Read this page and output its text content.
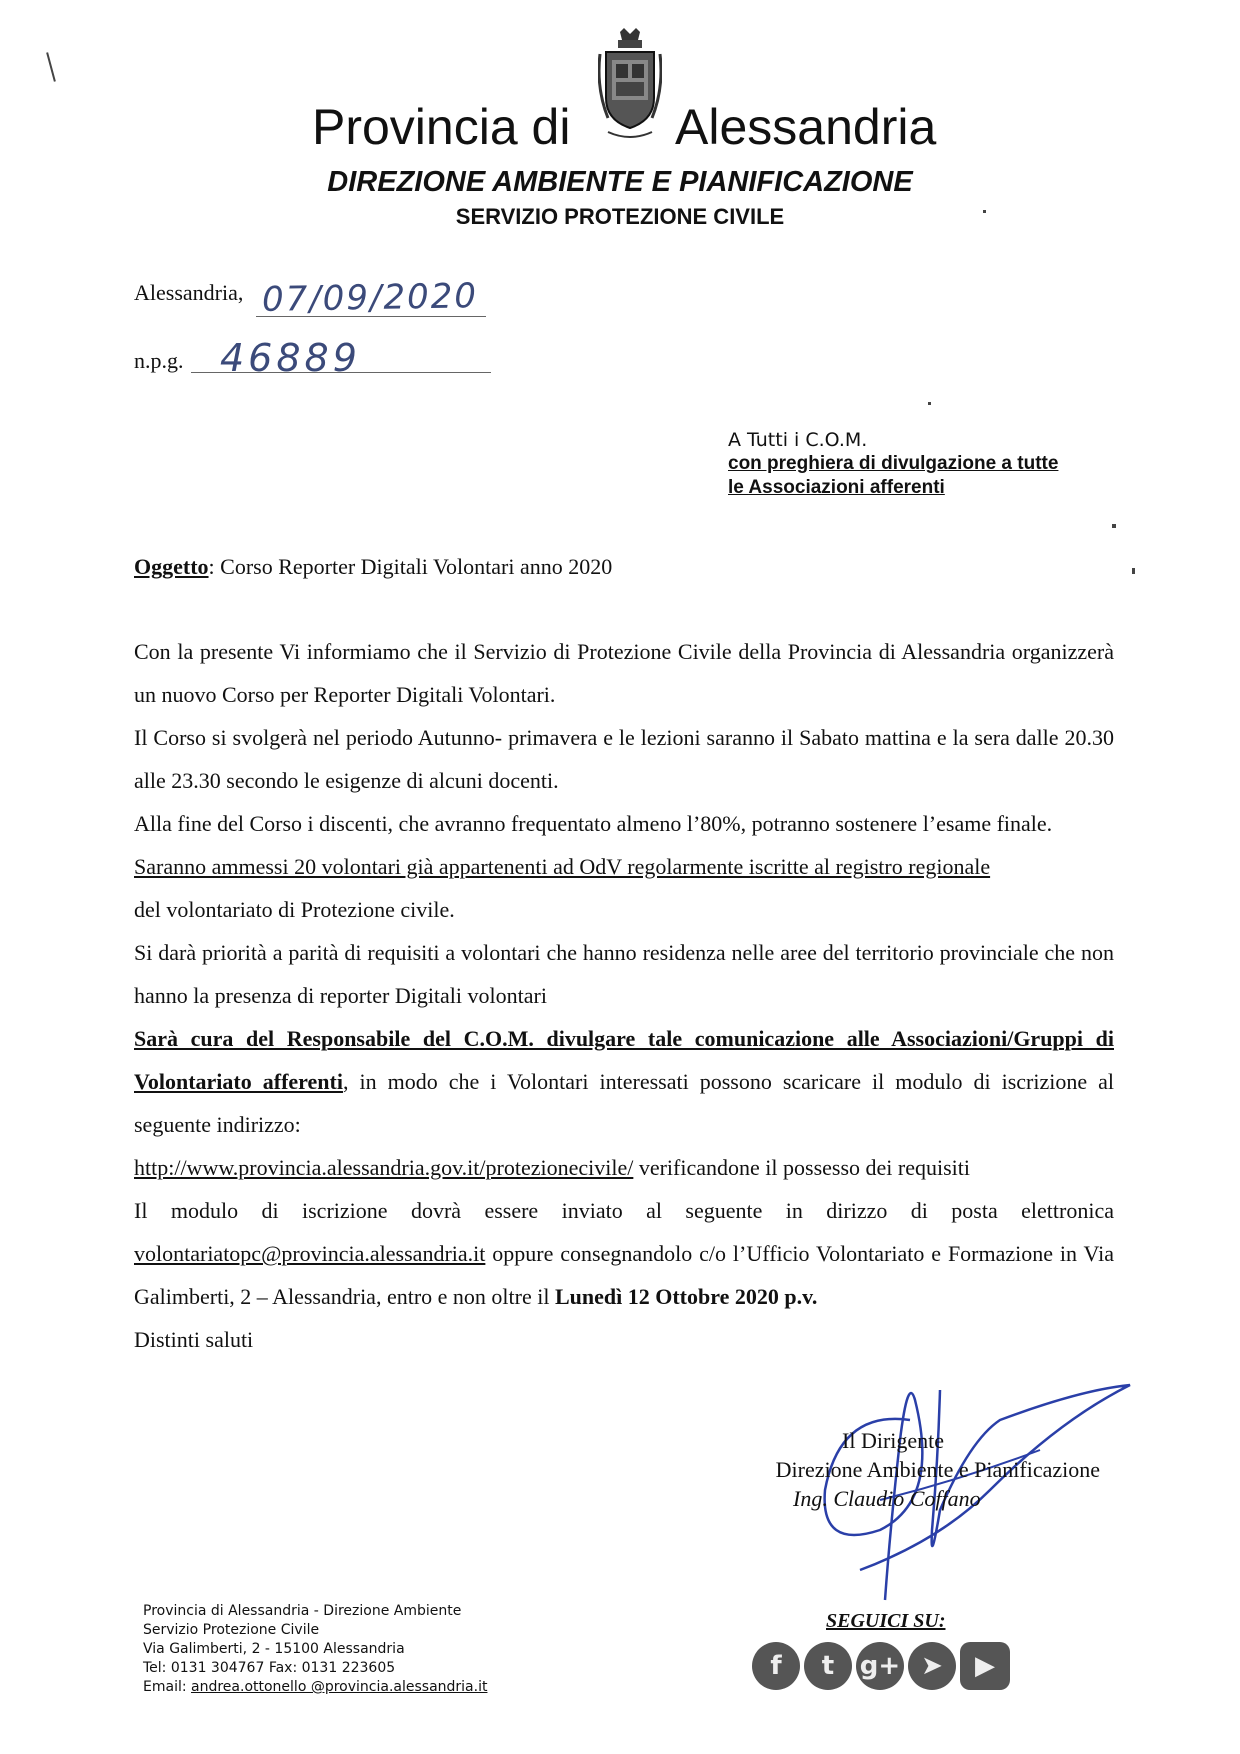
Provincia di Alessandria
DIREZIONE AMBIENTE E PIANIFICAZIONE
SERVIZIO PROTEZIONE CIVILE
Alessandria, 07/09/2020
n.p.g. 46889
A Tutti i C.O.M.
con preghiera di divulgazione a tutte
le Associazioni afferenti
Oggetto: Corso Reporter Digitali Volontari anno 2020

Con la presente Vi informiamo che il Servizio di Protezione Civile della Provincia di Alessandria organizzerà un nuovo Corso per Reporter Digitali Volontari.

Il Corso si svolgerà nel periodo Autunno- primavera e le lezioni saranno il Sabato mattina e la sera dalle 20.30 alle 23.30 secondo le esigenze di alcuni docenti.

Alla fine del Corso i discenti, che avranno frequentato almeno l’80%, potranno sostenere l’esame finale.

Saranno ammessi 20 volontari già appartenenti ad OdV regolarmente iscritte al registro regionale
del volontariato di Protezione civile.

Si darà priorità a parità di requisiti a volontari che hanno residenza nelle aree del territorio provinciale che non hanno la presenza di reporter Digitali volontari

Sarà cura del Responsabile del C.O.M. divulgare tale comunicazione alle Associazioni/Gruppi di Volontariato afferenti, in modo che i Volontari interessati possono scaricare il modulo di iscrizione al seguente indirizzo:
http://www.provincia.alessandria.gov.it/protezionecivile/ verificandone il possesso dei requisiti

Il modulo di iscrizione dovrà essere inviato al seguente in dirizzo di posta elettronica volontariatopc@provincia.alessandria.it oppure consegnandolo c/o l’Ufficio Volontariato e Formazione in Via Galimberti, 2 – Alessandria, entro e non oltre il Lunedì 12 Ottobre 2020 p.v.

Distinti saluti

Il Dirigente
Direzione Ambiente e Pianificazione
Ing. Claudio Coffano
SEGUICI SU:
f	t g+ ➤	▶
Provincia di Alessandria - Direzione Ambiente
Servizio Protezione Civile
Via Galimberti, 2 - 15100 Alessandria
Tel: 0131 304767 Fax: 0131 223605
Email: andrea.ottonello @provincia.alessandria.it
